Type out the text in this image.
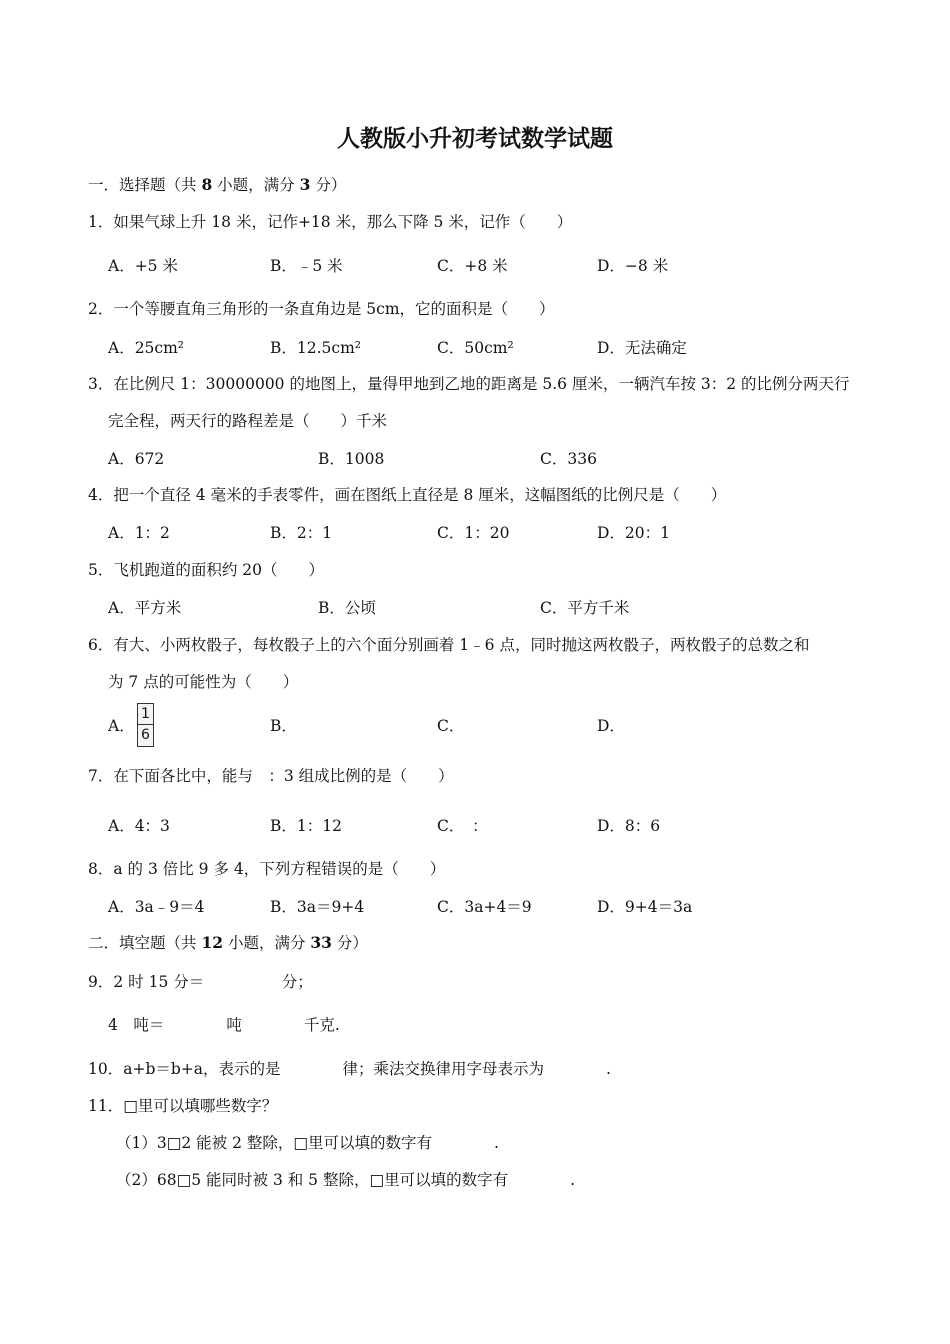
人教版小升初考试数学试题
一．选择题（共 8 小题，满分 3 分）
1．如果气球上升 18 米，记作+18 米，那么下降 5 米，记作（　　）
A．+5 米	B．﹣5 米	C．+8 米	D．−8 米
2．一个等腰直角三角形的一条直角边是 5cm，它的面积是（　　）
A．25cm²	B．12.5cm²	C．50cm²	D．无法确定
3．在比例尺 1：30000000 的地图上，量得甲地到乙地的距离是 5.6 厘米，一辆汽车按 3：2 的比例分两天行
完全程，两天行的路程差是（　　）千米
A．672	B．1008	C．336
4．把一个直径 4 毫米的手表零件，画在图纸上直径是 8 厘米，这幅图纸的比例尺是（　　）
A．1：2	B．2：1	C．1：20	D．20：1
5．飞机跑道的面积约 20（　　）
A．平方米	B．公顷	C．平方千米
6．有大、小两枚骰子，每枚骰子上的六个面分别画着 1﹣6 点，同时抛这两枚骰子，两枚骰子的总数之和
为 7 点的可能性为（　　）
A． $\frac{1}{6}$	B．	C．	D．
7．在下面各比中，能与　：3 组成比例的是（　　）
A．4：3	B．1：12	C．　：	D．8：6
8．a 的 3 倍比 9 多 4，下列方程错误的是（　　）
A．3a﹣9＝4	B．3a＝9+4	C．3a+4＝9	D．9+4＝3a
二．填空题（共 12 小题，满分 33 分）
9．2 时 15 分＝　　　　　分；
4　吨＝　　　　吨　　　　千克.
10．a+b＝b+a，表示的是　　　　律；乘法交换律用字母表示为　　　　.
11．□里可以填哪些数字？
（1）3□2 能被 2 整除，□里可以填的数字有　　　　.
（2）68□5 能同时被 3 和 5 整除，□里可以填的数字有　　　　.
